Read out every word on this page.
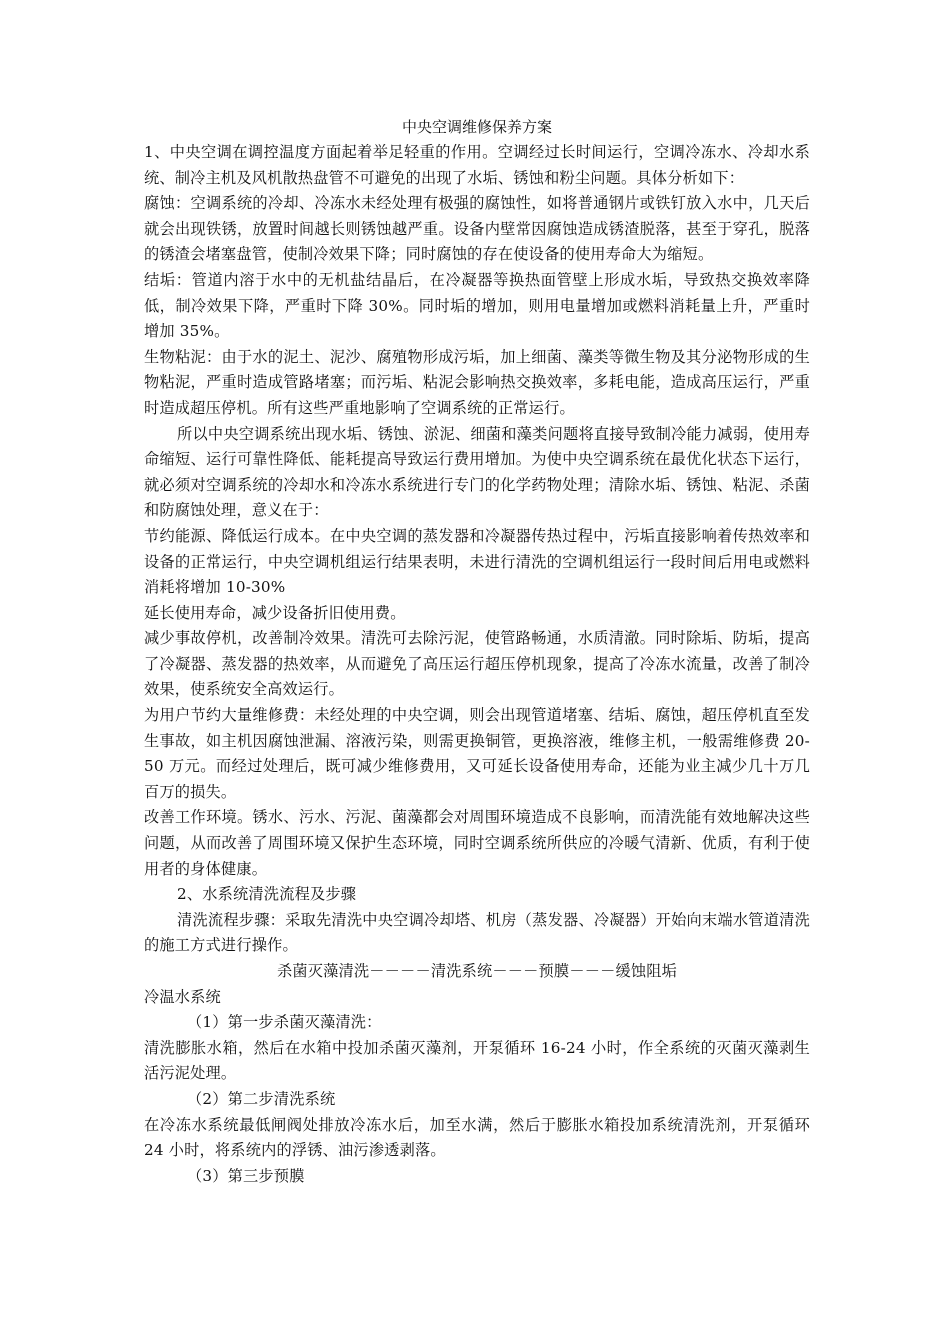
中央空调维修保养方案

1、中央空调在调控温度方面起着举足轻重的作用。空调经过长时间运行，空调冷冻水、冷却水系统、制冷主机及风机散热盘管不可避免的出现了水垢、锈蚀和粉尘问题。具体分析如下：

腐蚀：空调系统的冷却、冷冻水未经处理有极强的腐蚀性，如将普通钢片或铁钉放入水中，几天后就会出现铁锈，放置时间越长则锈蚀越严重。设备内壁常因腐蚀造成锈渣脱落，甚至于穿孔，脱落的锈渣会堵塞盘管，使制冷效果下降；同时腐蚀的存在使设备的使用寿命大为缩短。

结垢：管道内溶于水中的无机盐结晶后，在冷凝器等换热面管壁上形成水垢，导致热交换效率降低，制冷效果下降，严重时下降 30%。同时垢的增加，则用电量增加或燃料消耗量上升，严重时增加 35%。

生物粘泥：由于水的泥土、泥沙、腐殖物形成污垢，加上细菌、藻类等微生物及其分泌物形成的生物粘泥，严重时造成管路堵塞；而污垢、粘泥会影响热交换效率，多耗电能，造成高压运行，严重时造成超压停机。所有这些严重地影响了空调系统的正常运行。

所以中央空调系统出现水垢、锈蚀、淤泥、细菌和藻类问题将直接导致制冷能力减弱，使用寿命缩短、运行可靠性降低、能耗提高导致运行费用增加。为使中央空调系统在最优化状态下运行，就必须对空调系统的冷却水和冷冻水系统进行专门的化学药物处理；清除水垢、锈蚀、粘泥、杀菌和防腐蚀处理，意义在于：

节约能源、降低运行成本。在中央空调的蒸发器和冷凝器传热过程中，污垢直接影响着传热效率和设备的正常运行，中央空调机组运行结果表明，未进行清洗的空调机组运行一段时间后用电或燃料消耗将增加 10-30%

延长使用寿命，减少设备折旧使用费。

减少事故停机，改善制冷效果。清洗可去除污泥，使管路畅通，水质清澈。同时除垢、防垢，提高了冷凝器、蒸发器的热效率，从而避免了高压运行超压停机现象，提高了冷冻水流量，改善了制冷效果，使系统安全高效运行。

为用户节约大量维修费：未经处理的中央空调，则会出现管道堵塞、结垢、腐蚀，超压停机直至发生事故，如主机因腐蚀泄漏、溶液污染，则需更换铜管，更换溶液，维修主机，一般需维修费 20-50 万元。而经过处理后，既可减少维修费用，又可延长设备使用寿命，还能为业主减少几十万几百万的损失。

改善工作环境。锈水、污水、污泥、菌藻都会对周围环境造成不良影响，而清洗能有效地解决这些问题，从而改善了周围环境又保护生态环境，同时空调系统所供应的冷暖气清新、优质，有利于使用者的身体健康。

2、水系统清洗流程及步骤

清洗流程步骤：采取先清洗中央空调冷却塔、机房（蒸发器、冷凝器）开始向末端水管道清洗的施工方式进行操作。

杀菌灭藻清洗－－－－清洗系统－－－预膜－－－缓蚀阻垢

冷温水系统

（1）第一步杀菌灭藻清洗：

清洗膨胀水箱，然后在水箱中投加杀菌灭藻剂，开泵循环 16-24 小时，作全系统的灭菌灭藻剥生活污泥处理。

（2）第二步清洗系统

在冷冻水系统最低闸阀处排放冷冻水后，加至水满，然后于膨胀水箱投加系统清洗剂，开泵循环 24 小时，将系统内的浮锈、油污渗透剥落。

（3）第三步预膜
